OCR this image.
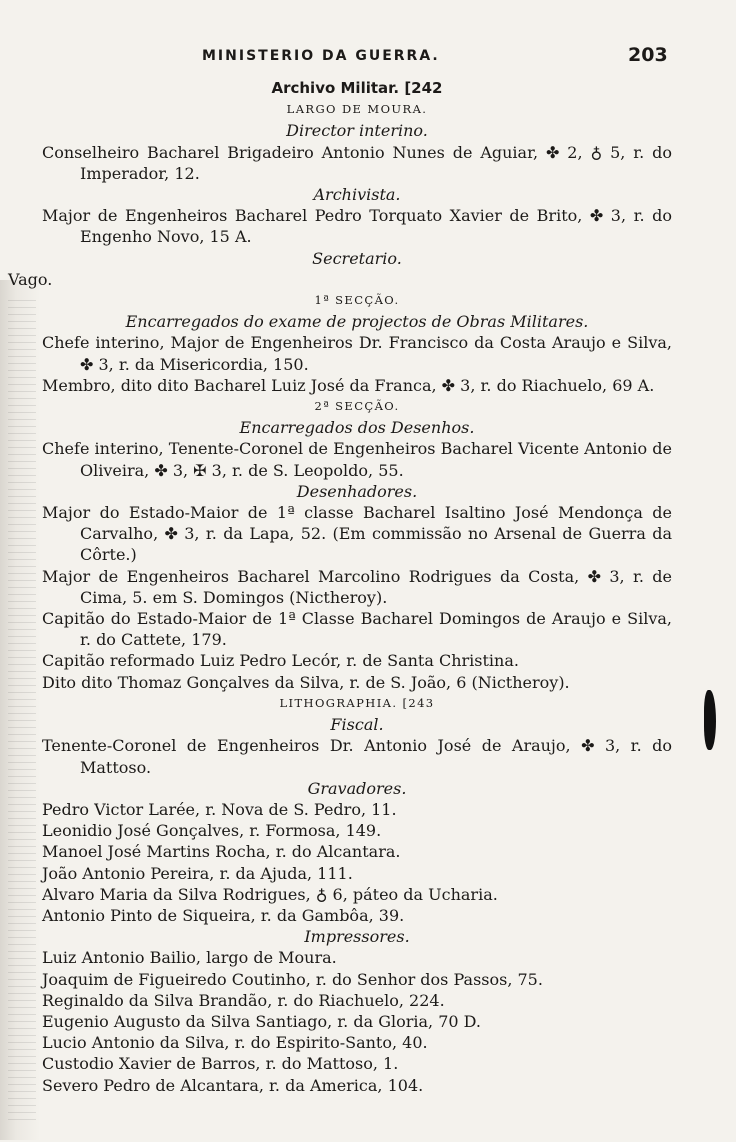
MINISTERIO DA GUERRA.	203
Archivo Militar. [242
LARGO DE MOURA.
Director interino.
Conselheiro Bacharel Brigadeiro Antonio Nunes de Aguiar, ✤ 2, ♁ 5, r. do Imperador, 12.
Archivista.
Major de Engenheiros Bacharel Pedro Torquato Xavier de Brito, ✤ 3, r. do Engenho Novo, 15 A.
Secretario.
Vago.
1ª SECÇÃO.
Encarregados do exame de projectos de Obras Militares.
Chefe interino, Major de Engenheiros Dr. Francisco da Costa Araujo e Silva, ✤ 3, r. da Misericordia, 150.
Membro, dito dito Bacharel Luiz José da Franca, ✤ 3, r. do Riachuelo, 69 A.
2ª SECÇÃO.
Encarregados dos Desenhos.
Chefe interino, Tenente-Coronel de Engenheiros Bacharel Vicente Antonio de Oliveira, ✤ 3, ✠ 3, r. de S. Leopoldo, 55.
Desenhadores.
Major do Estado-Maior de 1ª classe Bacharel Isaltino José Mendonça de Carvalho, ✤ 3, r. da Lapa, 52. (Em commissão no Arsenal de Guerra da Côrte.)
Major de Engenheiros Bacharel Marcolino Rodrigues da Costa, ✤ 3, r. de Cima, 5. em S. Domingos (Nictheroy).
Capitão do Estado-Maior de 1ª Classe Bacharel Domingos de Araujo e Silva, r. do Cattete, 179.
Capitão reformado Luiz Pedro Lecór, r. de Santa Christina.
Dito dito Thomaz Gonçalves da Silva, r. de S. João, 6 (Nictheroy).
LITHOGRAPHIA. [243
Fiscal.
Tenente-Coronel de Engenheiros Dr. Antonio José de Araujo, ✤ 3, r. do Mattoso.
Gravadores.
Pedro Victor Larée, r. Nova de S. Pedro, 11.
Leonidio José Gonçalves, r. Formosa, 149.
Manoel José Martins Rocha, r. do Alcantara.
João Antonio Pereira, r. da Ajuda, 111.
Alvaro Maria da Silva Rodrigues, ♁ 6, páteo da Ucharia.
Antonio Pinto de Siqueira, r. da Gambôa, 39.
Impressores.
Luiz Antonio Bailio, largo de Moura.
Joaquim de Figueiredo Coutinho, r. do Senhor dos Passos, 75.
Reginaldo da Silva Brandão, r. do Riachuelo, 224.
Eugenio Augusto da Silva Santiago, r. da Gloria, 70 D.
Lucio Antonio da Silva, r. do Espirito-Santo, 40.
Custodio Xavier de Barros, r. do Mattoso, 1.
Severo Pedro de Alcantara, r. da America, 104.
